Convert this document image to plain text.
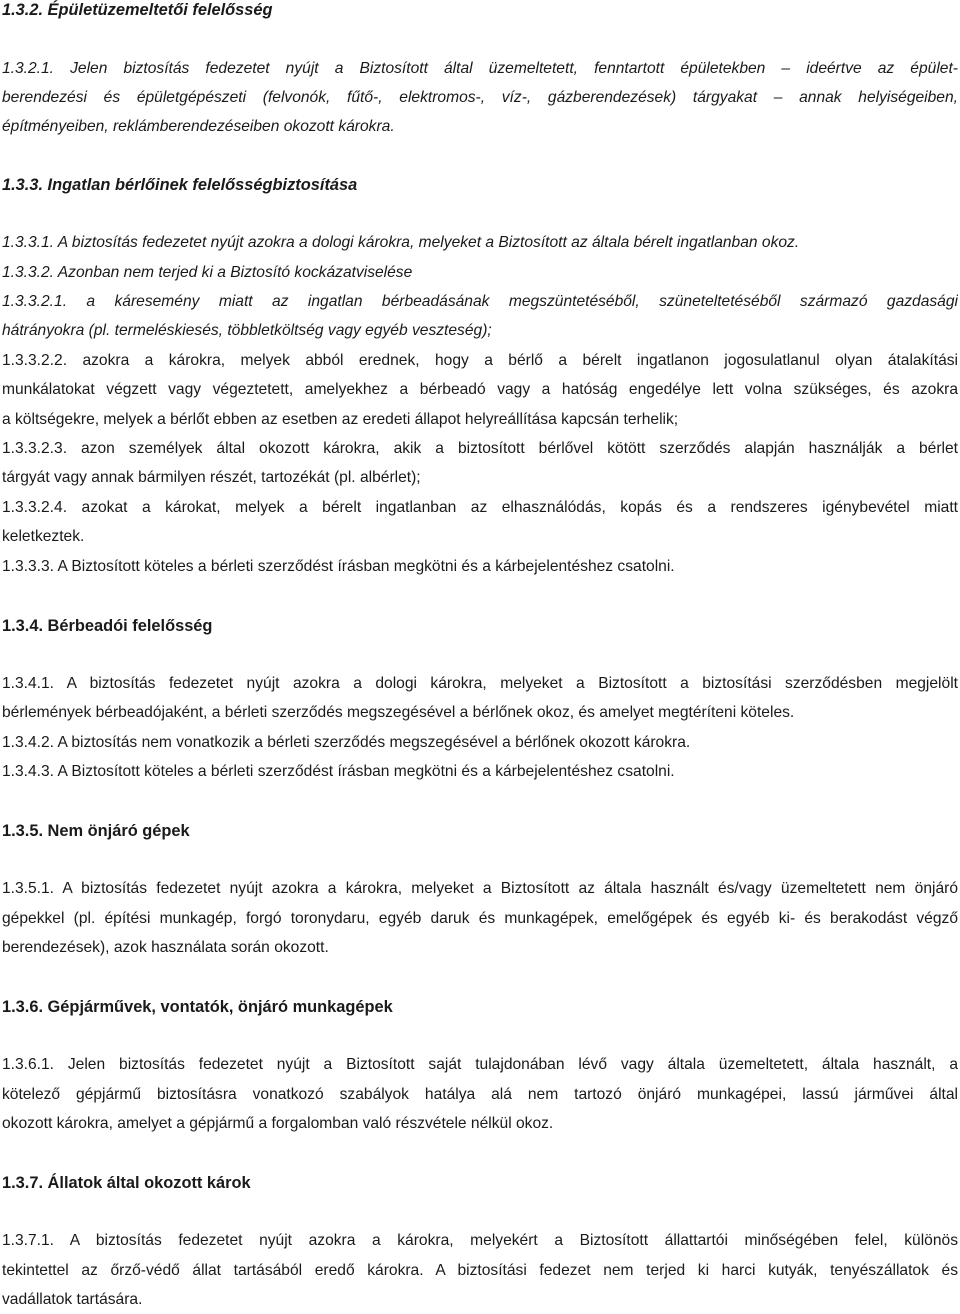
1.3.2. Épületüzemeltetői felelősség
1.3.2.1. Jelen biztosítás fedezetet nyújt a Biztosított által üzemeltetett, fenntartott épületekben – ideértve az épület-
berendezési és épületgépészeti (felvonók, fűtő-, elektromos-, víz-, gázberendezések) tárgyakat – annak helyiségeiben,
építményeiben, reklámberendezéseiben okozott károkra.
1.3.3. Ingatlan bérlőinek felelősségbiztosítása
1.3.3.1. A biztosítás fedezetet nyújt azokra a dologi károkra, melyeket a Biztosított az általa bérelt ingatlanban okoz.
1.3.3.2. Azonban nem terjed ki a Biztosító kockázatviselése
1.3.3.2.1. a káresemény miatt az ingatlan bérbeadásának megszüntetéséből, szüneteltetéséből származó gazdasági
hátrányokra (pl. termeléskiesés, többletköltség vagy egyéb veszteség);
1.3.3.2.2. azokra a károkra, melyek abból erednek, hogy a bérlő a bérelt ingatlanon jogosulatlanul olyan átalakítási
munkálatokat végzett vagy végeztetett, amelyekhez a bérbeadó vagy a hatóság engedélye lett volna szükséges, és azokra
a költségekre, melyek a bérlőt ebben az esetben az eredeti állapot helyreállítása kapcsán terhelik;
1.3.3.2.3. azon személyek által okozott károkra, akik a biztosított bérlővel kötött szerződés alapján használják a bérlet
tárgyát vagy annak bármilyen részét, tartozékát (pl. albérlet);
1.3.3.2.4. azokat a károkat, melyek a bérelt ingatlanban az elhasználódás, kopás és a rendszeres igénybevétel miatt
keletkeztek.
1.3.3.3. A Biztosított köteles a bérleti szerződést írásban megkötni és a kárbejelentéshez csatolni.
1.3.4. Bérbeadói felelősség
1.3.4.1. A biztosítás fedezetet nyújt azokra a dologi károkra, melyeket a Biztosított a biztosítási szerződésben megjelölt
bérlemények bérbeadójaként, a bérleti szerződés megszegésével a bérlőnek okoz, és amelyet megtéríteni köteles.
1.3.4.2. A biztosítás nem vonatkozik a bérleti szerződés megszegésével a bérlőnek okozott károkra.
1.3.4.3. A Biztosított köteles a bérleti szerződést írásban megkötni és a kárbejelentéshez csatolni.
1.3.5. Nem önjáró gépek
1.3.5.1. A biztosítás fedezetet nyújt azokra a károkra, melyeket a Biztosított az általa használt és/vagy üzemeltetett nem önjáró
gépekkel (pl. építési munkagép, forgó toronydaru, egyéb daruk és munkagépek, emelőgépek és egyéb ki- és berakodást végző
berendezések), azok használata során okozott.
1.3.6. Gépjárművek, vontatók, önjáró munkagépek
1.3.6.1. Jelen biztosítás fedezetet nyújt a Biztosított saját tulajdonában lévő vagy általa üzemeltetett, általa használt, a
kötelező gépjármű biztosításra vonatkozó szabályok hatálya alá nem tartozó önjáró munkagépei, lassú járművei által
okozott károkra, amelyet a gépjármű a forgalomban való részvétele nélkül okoz.
1.3.7. Állatok által okozott károk
1.3.7.1. A biztosítás fedezetet nyújt azokra a károkra, melyekért a Biztosított állattartói minőségében felel, különös
tekintettel az őrző-védő állat tartásából eredő károkra. A biztosítási fedezet nem terjed ki harci kutyák, tenyészállatok és
vadállatok tartására.
